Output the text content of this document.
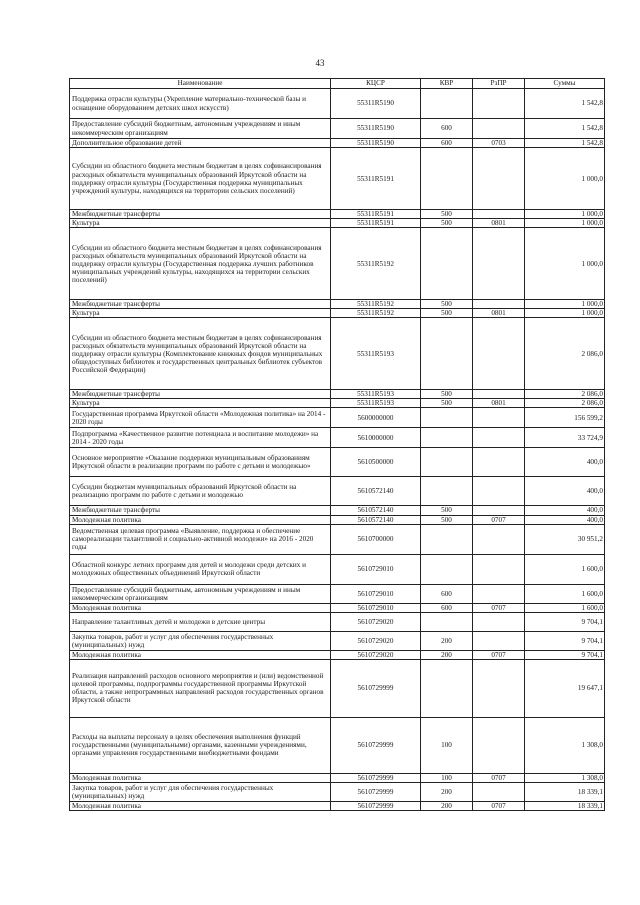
43
Наименование	КЦСР	КВР	РзПР	Суммы
Поддержка отрасли культуры (Укрепление материально-технической базы и оснащение оборудованием детских школ искусств)	55311R5190			1 542,8
Предоставление субсидий бюджетным, автономным учреждениям и иным некоммерческим организациям	55311R5190	600		1 542,8
Дополнительное образование детей	55311R5190	600	0703	1 542,8
Субсидии из областного бюджета местным бюджетам в целях софинансирования расходных обязательств муниципальных образований Иркутской области на поддержку отрасли культуры (Государственная поддержка муниципальных учреждений культуры, находящихся на территории сельских поселений)	55311R5191			1 000,0
Межбюджетные трансферты	55311R5191	500		1 000,0
Культура	55311R5191	500	0801	1 000,0
Субсидии из областного бюджета местным бюджетам в целях софинансирования расходных обязательств муниципальных образований Иркутской области на поддержку отрасли культуры (Государственная поддержка лучших работников муниципальных учреждений культуры, находящихся на территории сельских поселений)	55311R5192			1 000,0
Межбюджетные трансферты	55311R5192	500		1 000,0
Культура	55311R5192	500	0801	1 000,0
Субсидии из областного бюджета местным бюджетам в целях софинансирования расходных обязательств муниципальных образований Иркутской области на поддержку отрасли культуры (Комплектование книжных фондов муниципальных общедоступных библиотек и государственных центральных библиотек субъектов Российской Федерации)	55311R5193			2 086,0
Межбюджетные трансферты	55311R5193	500		2 086,0
Культура	55311R5193	500	0801	2 086,0
Государственная программа Иркутской области «Молодежная политика» на 2014 - 2020 годы	5600000000			156 599,2
Подпрограмма «Качественное развитие потенциала и воспитание молодежи» на 2014 - 2020 годы	5610000000			33 724,9
Основное мероприятие «Оказание поддержки муниципальным образованиям Иркутской области в реализации программ по работе с детьми и молодежью»	5610500000			400,0
Субсидии бюджетам муниципальных образований Иркутской области на реализацию программ по работе с детьми и молодежью	5610572140			400,0
Межбюджетные трансферты	5610572140	500		400,0
Молодежная политика	5610572140	500	0707	400,0
Ведомственная целевая программа «Выявление, поддержка и обеспечение самореализации талантливой и социально-активной молодежи» на 2016 - 2020 годы	5610700000			30 951,2
Областной конкурс летних программ для детей и молодежи среди детских и молодежных общественных объединений Иркутской области	5610729010			1 600,0
Предоставление субсидий бюджетным, автономным учреждениям и иным некоммерческим организациям	5610729010	600		1 600,0
Молодежная политика	5610729010	600	0707	1 600,0
Направление талантливых детей и молодежи в детские центры	5610729020			9 704,1
Закупка товаров, работ и услуг для обеспечения государственных (муниципальных) нужд	5610729020	200		9 704,1
Молодежная политика	5610729020	200	0707	9 704,1
Реализация направлений расходов основного мероприятия и (или) ведомственной целевой программы, подпрограммы государственной программы Иркутской области, а также непрограммных направлений расходов государственных органов Иркутской области	5610729999			19 647,1
Расходы на выплаты персоналу в целях обеспечения выполнения функций государственными (муниципальными) органами, казенными учреждениями, органами управления государственными внебюджетными фондами	5610729999	100		1 308,0
Молодежная политика	5610729999	100	0707	1 308,0
Закупка товаров, работ и услуг для обеспечения государственных (муниципальных) нужд	5610729999	200		18 339,1
Молодежная политика	5610729999	200	0707	18 339,1
